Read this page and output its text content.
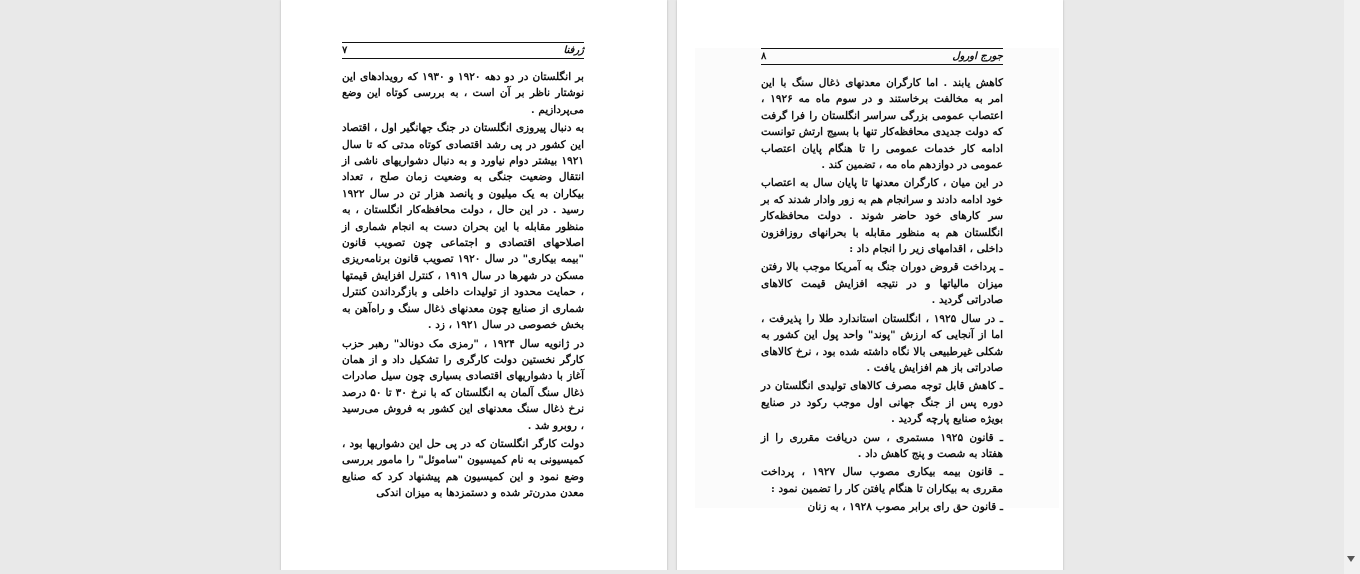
ژرفنا
۷

بر انگلستان در دو دهه ۱۹۲۰ و ۱۹۳۰ که رویدادهای این نوشتار ناظر بر آن است ، به بررسی کوتاه این وضع می‌پردازیم .

به دنبال پیروزی انگلستان در جنگ جهانگیر اول ، اقتصاد این کشور در پی رشد اقتصادی کوتاه مدتی که تا سال ۱۹۲۱ بیشتر دوام نیاورد و به دنبال دشواریهای ناشی از انتقال وضعیت جنگی به وضعیت زمان صلح ، تعداد بیکاران به یک میلیون و پانصد هزار تن در سال ۱۹۲۲ رسید . در این حال ، دولت محافظه‌کار انگلستان ، به منظور مقابله با این بحران دست به انجام شماری از اصلاحهای اقتصادی و اجتماعی چون تصویب قانون "بیمه بیکاری" در سال ۱۹۲۰ تصویب قانون برنامه‌ریزی مسکن در شهرها در سال ۱۹۱۹ ، کنترل افزایش قیمتها ، حمایت محدود از تولیدات داخلی و بازگرداندن کنترل شماری از صنایع چون معدنهای ذغال سنگ و راه‌آهن به بخش خصوصی در سال ۱۹۲۱ ، زد .

در ژانویه سال ۱۹۲۴ ، "رمزی مک دونالد" رهبر حزب کارگر نخستین دولت کارگری را تشکیل داد و از همان آغاز با دشواریهای اقتصادی بسیاری چون سیل صادرات ذغال سنگ آلمان به انگلستان که با نرخ ۳۰ تا ۵۰ درصد نرخ ذغال سنگ معدنهای این کشور به فروش می‌رسید ، روبرو شد .

دولت کارگر انگلستان که در پی حل این دشواریها بود ، کمیسیونی به نام کمیسیون "ساموئل" را مامور بررسی وضع نمود و این کمیسیون هم پیشنهاد کرد که صنایع معدن مدرن‌تر شده و دستمزدها به میزان اندکی

جورج اورول
۸

کاهش یابند . اما کارگران معدنهای ذغال سنگ با این امر به مخالفت برخاستند و در سوم ماه مه ۱۹۲۶ ، اعتصاب عمومی بزرگی سراسر انگلستان را فرا گرفت که دولت جدیدی محافظه‌کار تنها با بسیج ارتش توانست ادامه کار خدمات عمومی را تا هنگام پایان اعتصاب عمومی در دوازدهم ماه مه ، تضمین کند .

در این میان ، کارگران معدنها تا پایان سال به اعتصاب خود ادامه دادند و سرانجام هم به زور وادار شدند که بر سر کارهای خود حاضر شوند . دولت محافظه‌کار انگلستان هم به منظور مقابله با بحرانهای روزافزون داخلی ، اقدامهای زیر را انجام داد :

ـ پرداخت قروض دوران جنگ به آمریکا موجب بالا رفتن میزان مالیاتها و در نتیجه افزایش قیمت کالاهای صادراتی گردید .

ـ در سال ۱۹۲۵ ، انگلستان استاندارد طلا را پذیرفت ، اما از آنجایی که ارزش "پوند" واحد پول این کشور به شکلی غیرطبیعی بالا نگاه داشته شده بود ، نرخ کالاهای صادراتی باز هم افزایش یافت .

ـ کاهش قابل توجه مصرف کالاهای تولیدی انگلستان در دوره پس از جنگ جهانی اول موجب رکود در صنایع بویژه صنایع پارچه گردید .

ـ قانون ۱۹۲۵ مستمری ، سن دریافت مقرری را از هفتاد به شصت و پنج کاهش داد .

ـ قانون بیمه بیکاری مصوب سال ۱۹۲۷ ، پرداخت مقرری به بیکاران تا هنگام یافتن کار را تضمین نمود :

ـ قانون حق رای برابر مصوب ۱۹۲۸ ، به زنان
